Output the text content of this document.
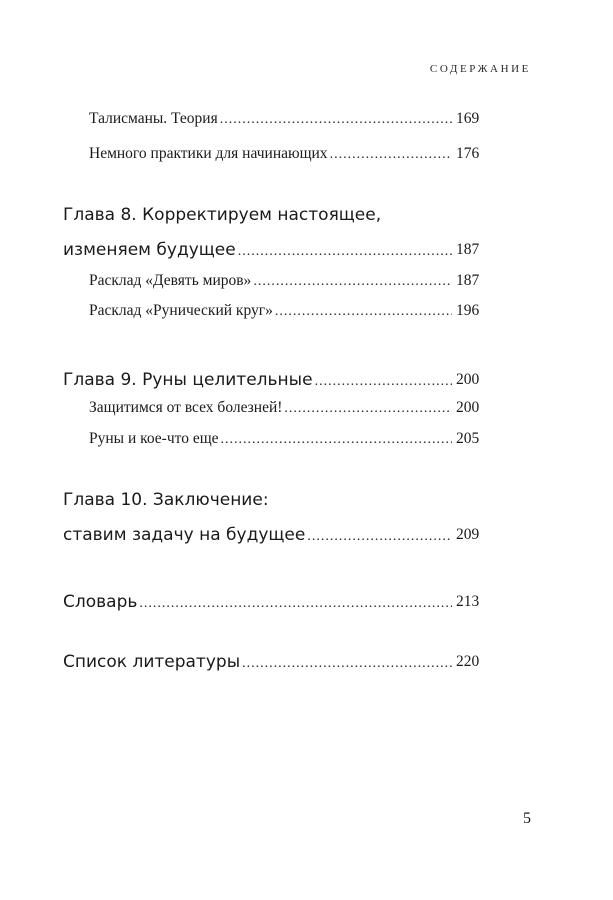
СОДЕРЖАНИЕ
Талисманы. Теория .....	169
Немного практики для начинающих .....	176
Глава 8. Корректируем настоящее,
изменяем будущее .....	187
Расклад «Девять миров» .....	187
Расклад «Рунический круг» .....	196
Глава 9. Руны целительные .....	200
Защитимся от всех болезней! .....	200
Руны и кое-что еще .....	205
Глава 10. Заключение:
ставим задачу на будущее .....	209
Словарь .....	213
Список литературы .....	220
5
